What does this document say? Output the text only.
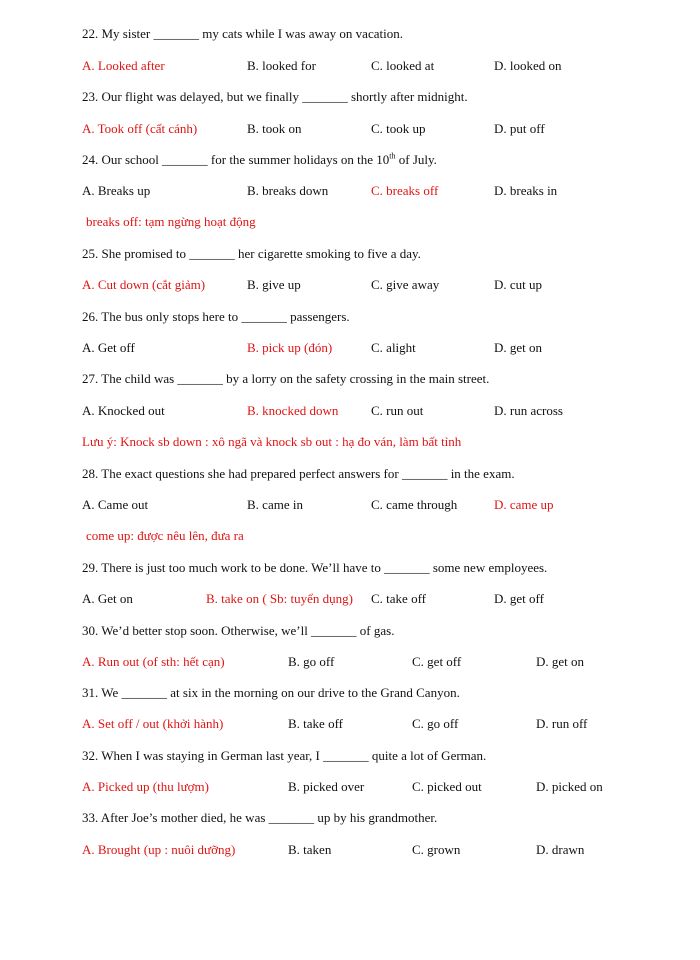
22. My sister _______ my cats while I was away on vacation.
A. Looked after	B. looked for	C. looked at	D. looked on
23. Our flight was delayed, but we finally _______ shortly after midnight.
A. Took off (cất cánh)	B. took on	C. took up	D. put off
24. Our school _______ for the summer holidays on the 10th of July.
A. Breaks up	B. breaks down	C. breaks off	D. breaks in
breaks off: tạm ngừng hoạt động
25. She promised to _______ her cigarette smoking to five a day.
A. Cut down (cắt giảm)	B. give up	C. give away	D. cut up
26. The bus only stops here to _______ passengers.
A. Get off	B. pick up (đón)	C. alight	D. get on
27. The child was _______ by a lorry on the safety crossing in the main street.
A. Knocked out	B. knocked down	C. run out	D. run across
Lưu ý: Knock sb down : xô ngã và knock sb out : hạ đo ván, làm bất tỉnh
28. The exact questions she had prepared perfect answers for _______ in the exam.
A. Came out	B. came in	C. came through	D. came up
come up: được nêu lên, đưa ra
29. There is just too much work to be done. We’ll have to _______ some new employees.
A. Get on	B. take on ( Sb: tuyển dụng) C. take off	D. get off
30. We’d better stop soon. Otherwise, we’ll _______ of gas.
A. Run out (of sth: hết cạn)	B. go off	C. get off	D. get on
31. We _______ at six in the morning on our drive to the Grand Canyon.
A. Set off / out (khởi hành)	B. take off	C. go off	D. run off
32. When I was staying in German last year, I _______ quite a lot of German.
A. Picked up (thu lượm)	B. picked over	C. picked out	D. picked on
33. After Joe’s mother died, he was _______ up by his grandmother.
A. Brought (up : nuôi dưỡng)	B. taken	C. grown	D. drawn
